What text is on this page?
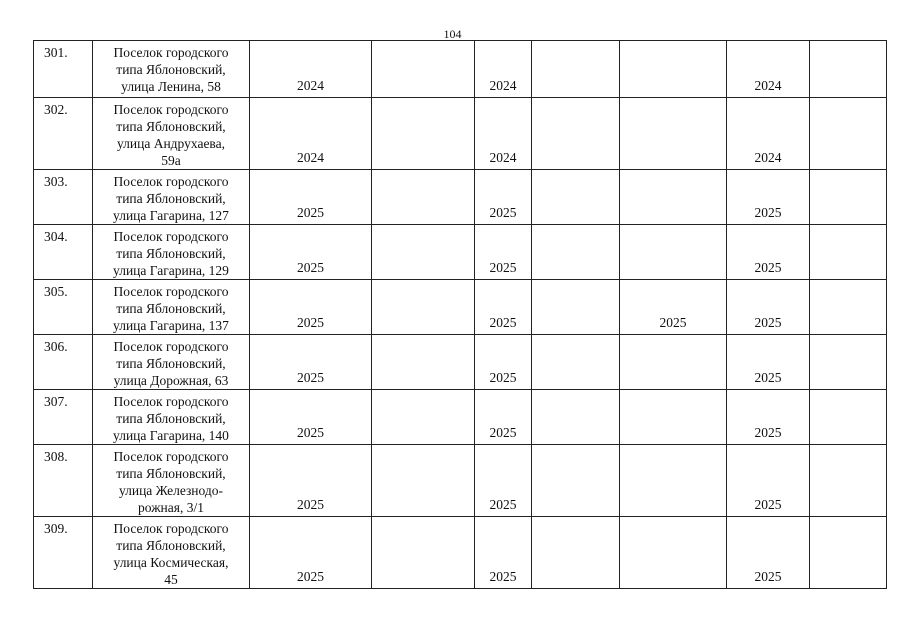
104
301.	Поселок городского
типа Яблоновский,
улица Ленина, 58	2024		2024			2024	
302.	Поселок городского
типа Яблоновский,
улица Андрухаева,
59а	2024		2024			2024	
303.	Поселок городского
типа Яблоновский,
улица Гагарина, 127	2025		2025			2025	
304.	Поселок городского
типа Яблоновский,
улица Гагарина, 129	2025		2025			2025	
305.	Поселок городского
типа Яблоновский,
улица Гагарина, 137	2025		2025		2025	2025	
306.	Поселок городского
типа Яблоновский,
улица Дорожная, 63	2025		2025			2025	
307.	Поселок городского
типа Яблоновский,
улица Гагарина, 140	2025		2025			2025	
308.	Поселок городского
типа Яблоновский,
улица Железнодо-
рожная, 3/1	2025		2025			2025	
309.	Поселок городского
типа Яблоновский,
улица Космическая,
45	2025		2025			2025	
